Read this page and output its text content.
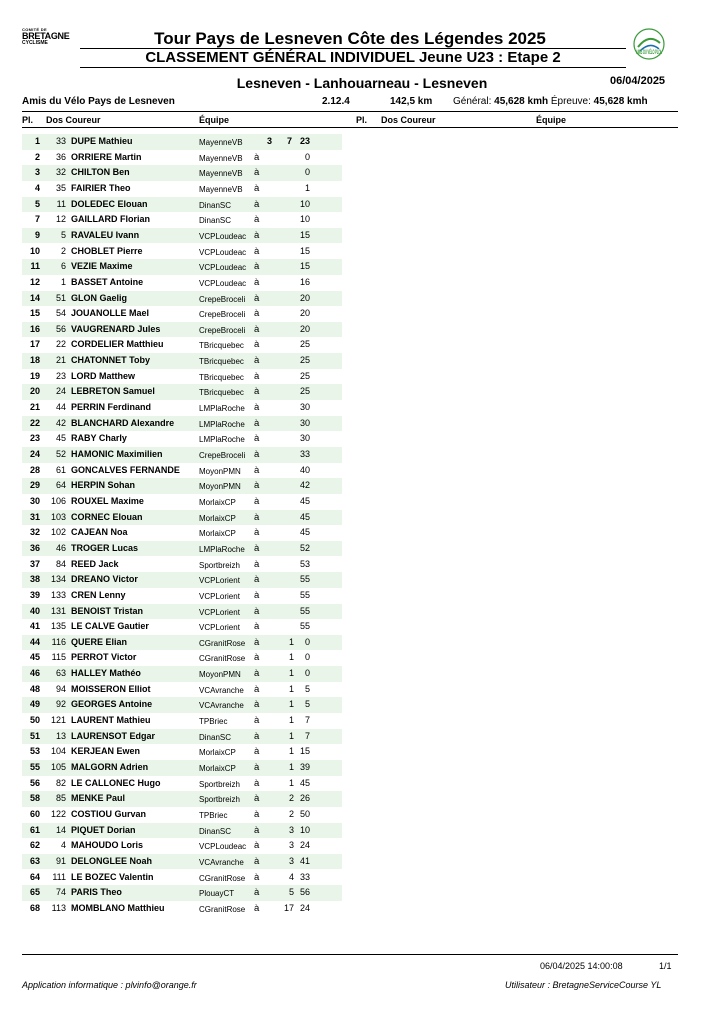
COMITÉ DE
BRETAGNE
CYCLISME
AMIS DU VÉLO PLQL
Tour Pays de Lesneven Côte des Légendes 2025
CLASSEMENT GÉNÉRAL INDIVIDUEL Jeune U23 : Etape 2
Lesneven - Lanhouarneau - Lesneven	06/04/2025
Amis du Vélo Pays de Lesneven	2.12.4	142,5 km Général: 45,628 kmh Épreuve: 45,628 kmh
Pl. Dos Coureur	Équipe	Pl. Dos Coureur	Équipe
1	33 DUPE Mathieu	MayenneVB	3	7 23
2	36 ORRIERE Martin	MayenneVB à	0
3	32 CHILTON Ben	MayenneVB à	0
4	35 FAIRIER Theo	MayenneVB à	1
5	11 DOLEDEC Elouan	DinanSC à	10
7	12 GAILLARD Florian	DinanSC à	10
9	5 RAVALEU Ivann	VCPLoudeac à	15
10	2 CHOBLET Pierre	VCPLoudeac à	15
11	6 VEZIE Maxime	VCPLoudeac à	15
12	1 BASSET Antoine	VCPLoudeac à	16
14	51 GLON Gaelig	CrepeBroceli à	20
15	54 JOUANOLLE Mael	CrepeBroceli à	20
16	56 VAUGRENARD Jules	CrepeBroceli à	20
17	22 CORDELIER Matthieu	TBricquebec à	25
18	21 CHATONNET Toby	TBricquebec à	25
19	23 LORD Matthew	TBricquebec à	25
20	24 LEBRETON Samuel	TBricquebec à	25
21	44 PERRIN Ferdinand	LMPlaRoche à	30
22	42 BLANCHARD Alexandre	LMPlaRoche à	30
23	45 RABY Charly	LMPlaRoche à	30
24	52 HAMONIC Maximilien	CrepeBroceli à	33
28	61 GONCALVES FERNANDE MoyonPMN à	40
29	64 HERPIN Sohan	MoyonPMN à	42
30	106 ROUXEL Maxime	MorlaixCP à	45
31	103 CORNEC Elouan	MorlaixCP à	45
32	102 CAJEAN Noa	MorlaixCP à	45
36	46 TROGER Lucas	LMPlaRoche à	52
37	84 REED Jack	Sportbreizh à	53
38	134 DREANO Victor	VCPLorient à	55
39	133 CREN Lenny	VCPLorient à	55
40	131 BENOIST Tristan	VCPLorient à	55
41	135 LE CALVE Gautier	VCPLorient à	55
44	116 QUERE Elian	CGranitRose à	1	0
45	115 PERROT Victor	CGranitRose à	1	0
46	63 HALLEY Mathéo	MoyonPMN à	1	0
48	94 MOISSERON Elliot	VCAvranche à	1	5
49	92 GEORGES Antoine	VCAvranche à	1	5
50	121 LAURENT Mathieu	TPBriec	à	1	7
51	13 LAURENSOT Edgar	DinanSC à	1	7
53	104 KERJEAN Ewen	MorlaixCP à	1 15
55	105 MALGORN Adrien	MorlaixCP à	1 39
56	82 LE CALLONEC Hugo	Sportbreizh à	1 45
58	85 MENKE Paul	Sportbreizh à	2 26
60	122 COSTIOU Gurvan	TPBriec	à	2 50
61	14 PIQUET Dorian	DinanSC à	3 10
62	4 MAHOUDO Loris	VCPLoudeac à	3 24
63	91 DELONGLEE Noah	VCAvranche à	3 41
64	111 LE BOZEC Valentin	CGranitRose à	4 33
65	74 PARIS Theo	PlouayCT à	5 56
68	113 MOMBLANO Matthieu	CGranitRose à	17 24
06/04/2025 14:00:08	1/1
Application informatique : plvinfo@orange.fr	Utilisateur : BretagneServiceCourse YL
